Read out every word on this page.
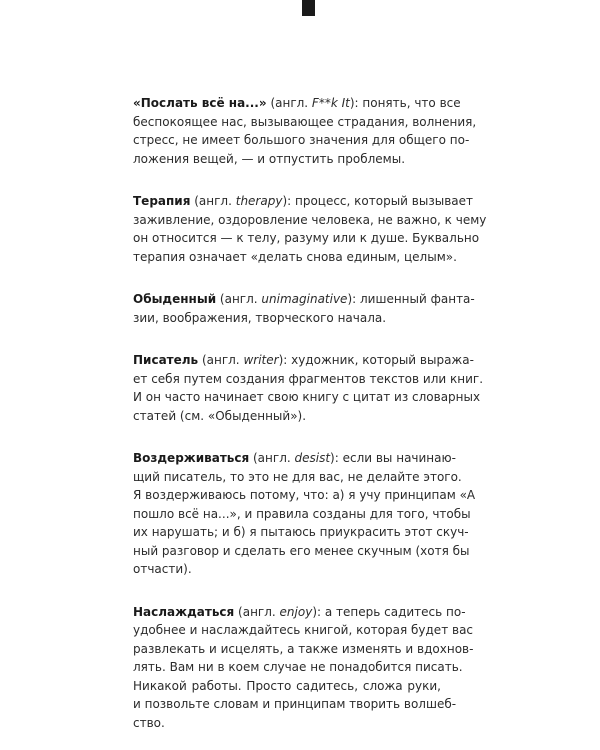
«Послать всё на...» (англ. F**k It): понять, что все
беспокоящее нас, вызывающее страдания, волнения,
стресс, не имеет большого значения для общего по-
ложения вещей, — и отпустить проблемы.

Терапия (англ. therapy): процесс, который вызывает
заживление, оздоровление человека, не важно, к чему
он относится — к телу, разуму или к душе. Буквально
терапия означает «делать снова единым, целым».

Обыденный (англ. unimaginative): лишенный фанта-
зии, воображения, творческого начала.

Писатель (англ. writer): художник, который выража-
ет себя путем создания фрагментов текстов или книг.
И он часто начинает свою книгу с цитат из словарных
статей (см. «Обыденный»).

Воздерживаться (англ. desist): если вы начинаю-
щий писатель, то это не для вас, не делайте этого.
Я воздерживаюсь потому, что: а) я учу принципам «А
пошло всё на...», и правила созданы для того, чтобы
их нарушать; и б) я пытаюсь приукрасить этот скуч-
ный разговор и сделать его менее скучным (хотя бы
отчасти).

Наслаждаться (англ. enjoy): а теперь садитесь по-
удобнее и наслаждайтесь книгой, которая будет вас
развлекать и исцелять, а также изменять и вдохнов-
лять. Вам ни в коем случае не понадобится писать.
Никакой работы. Просто садитесь, сложа руки,
и позвольте словам и принципам творить волшеб-
ство.
